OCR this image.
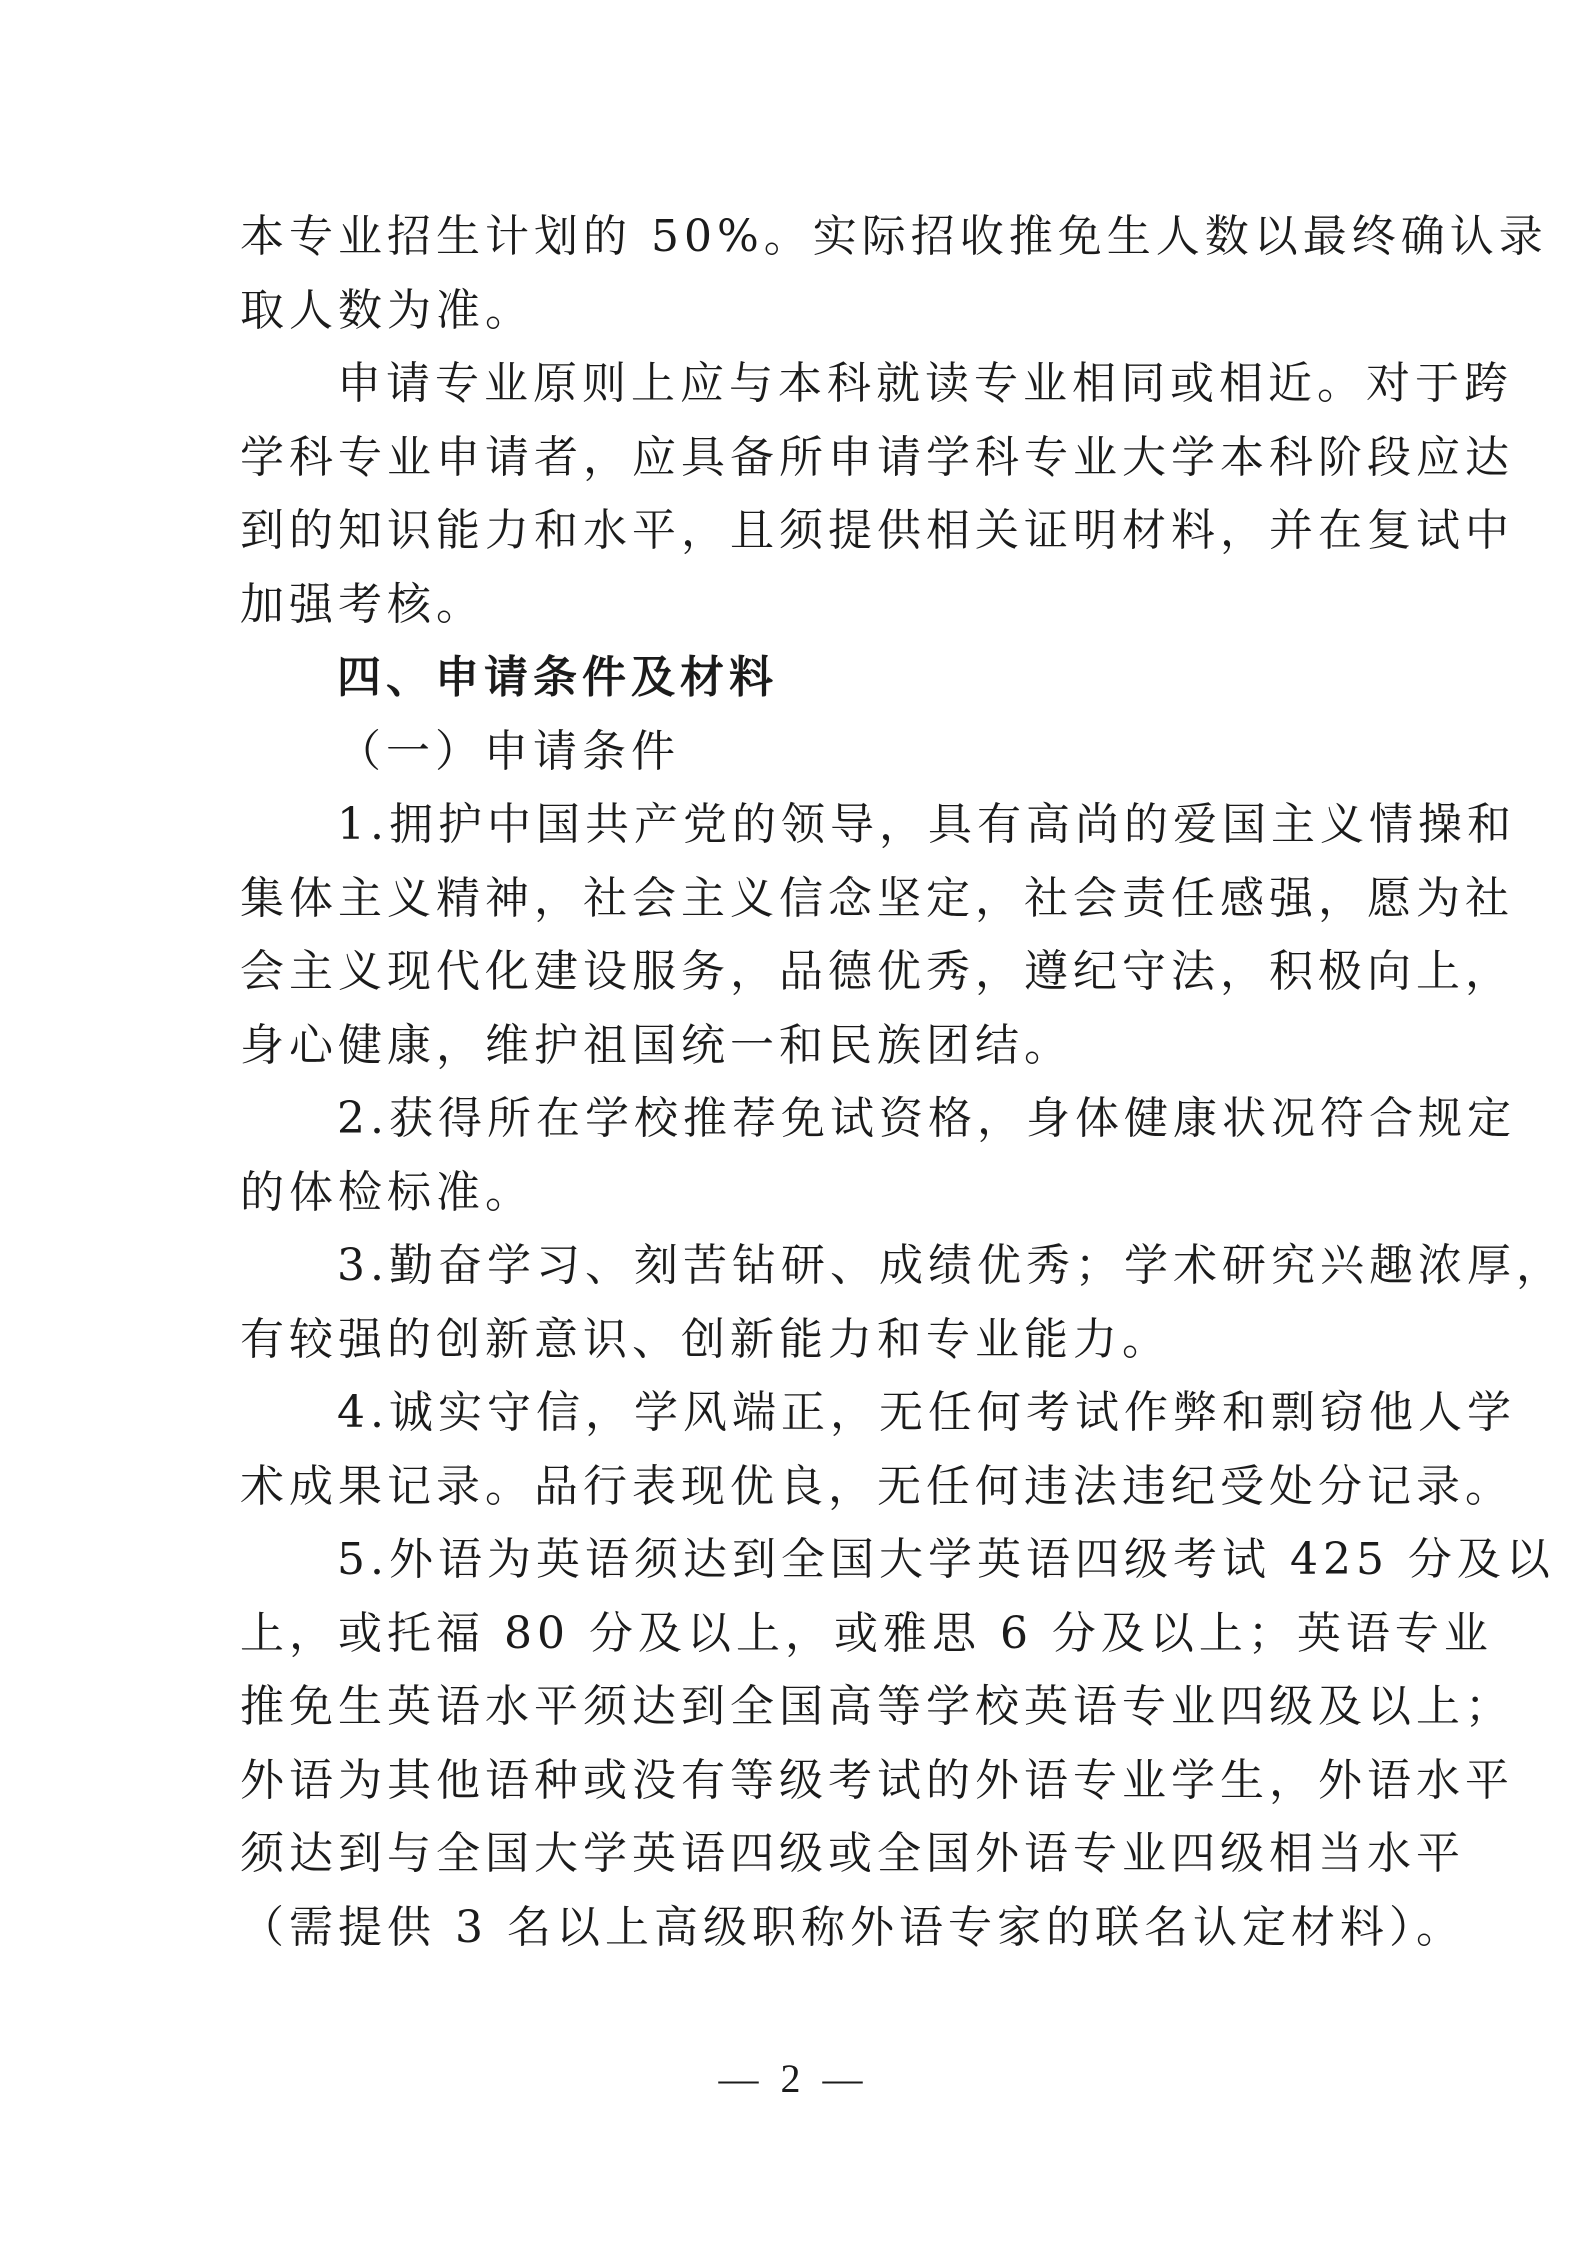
本专业招生计划的 50%。实际招收推免生人数以最终确认录
取人数为准。
申请专业原则上应与本科就读专业相同或相近。对于跨
学科专业申请者，应具备所申请学科专业大学本科阶段应达
到的知识能力和水平，且须提供相关证明材料，并在复试中
加强考核。
四、申请条件及材料
（一）申请条件
1.拥护中国共产党的领导，具有高尚的爱国主义情操和
集体主义精神，社会主义信念坚定，社会责任感强，愿为社
会主义现代化建设服务，品德优秀，遵纪守法，积极向上，
身心健康，维护祖国统一和民族团结。
2.获得所在学校推荐免试资格，身体健康状况符合规定
的体检标准。
3.勤奋学习、刻苦钻研、成绩优秀；学术研究兴趣浓厚，
有较强的创新意识、创新能力和专业能力。
4.诚实守信，学风端正，无任何考试作弊和剽窃他人学
术成果记录。品行表现优良，无任何违法违纪受处分记录。
5.外语为英语须达到全国大学英语四级考试 425 分及以
上，或托福 80 分及以上，或雅思 6 分及以上；英语专业
推免生英语水平须达到全国高等学校英语专业四级及以上；
外语为其他语种或没有等级考试的外语专业学生，外语水平
须达到与全国大学英语四级或全国外语专业四级相当水平
（需提供 3 名以上高级职称外语专家的联名认定材料）。
— 2 —
